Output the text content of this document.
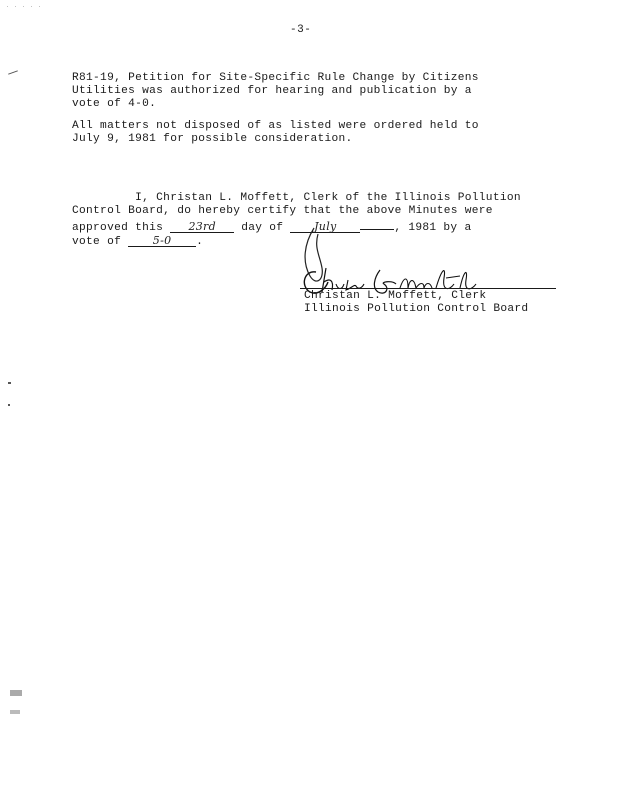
· · · · ·
-3-
R81-19, Petition for Site-Specific Rule Change by Citizens
Utilities was authorized for hearing and publication by a
vote of 4-0.
All matters not disposed of as listed were ordered held to
July 9, 1981 for possible consideration.
I, Christan L. Moffett, Clerk of the Illinois Pollution
Control Board, do hereby certify that the above Minutes were
approved this 23rd day of July	, 1981 by a
vote of 5-0 .
Christan L. Moffett, Clerk
Illinois Pollution Control Board
